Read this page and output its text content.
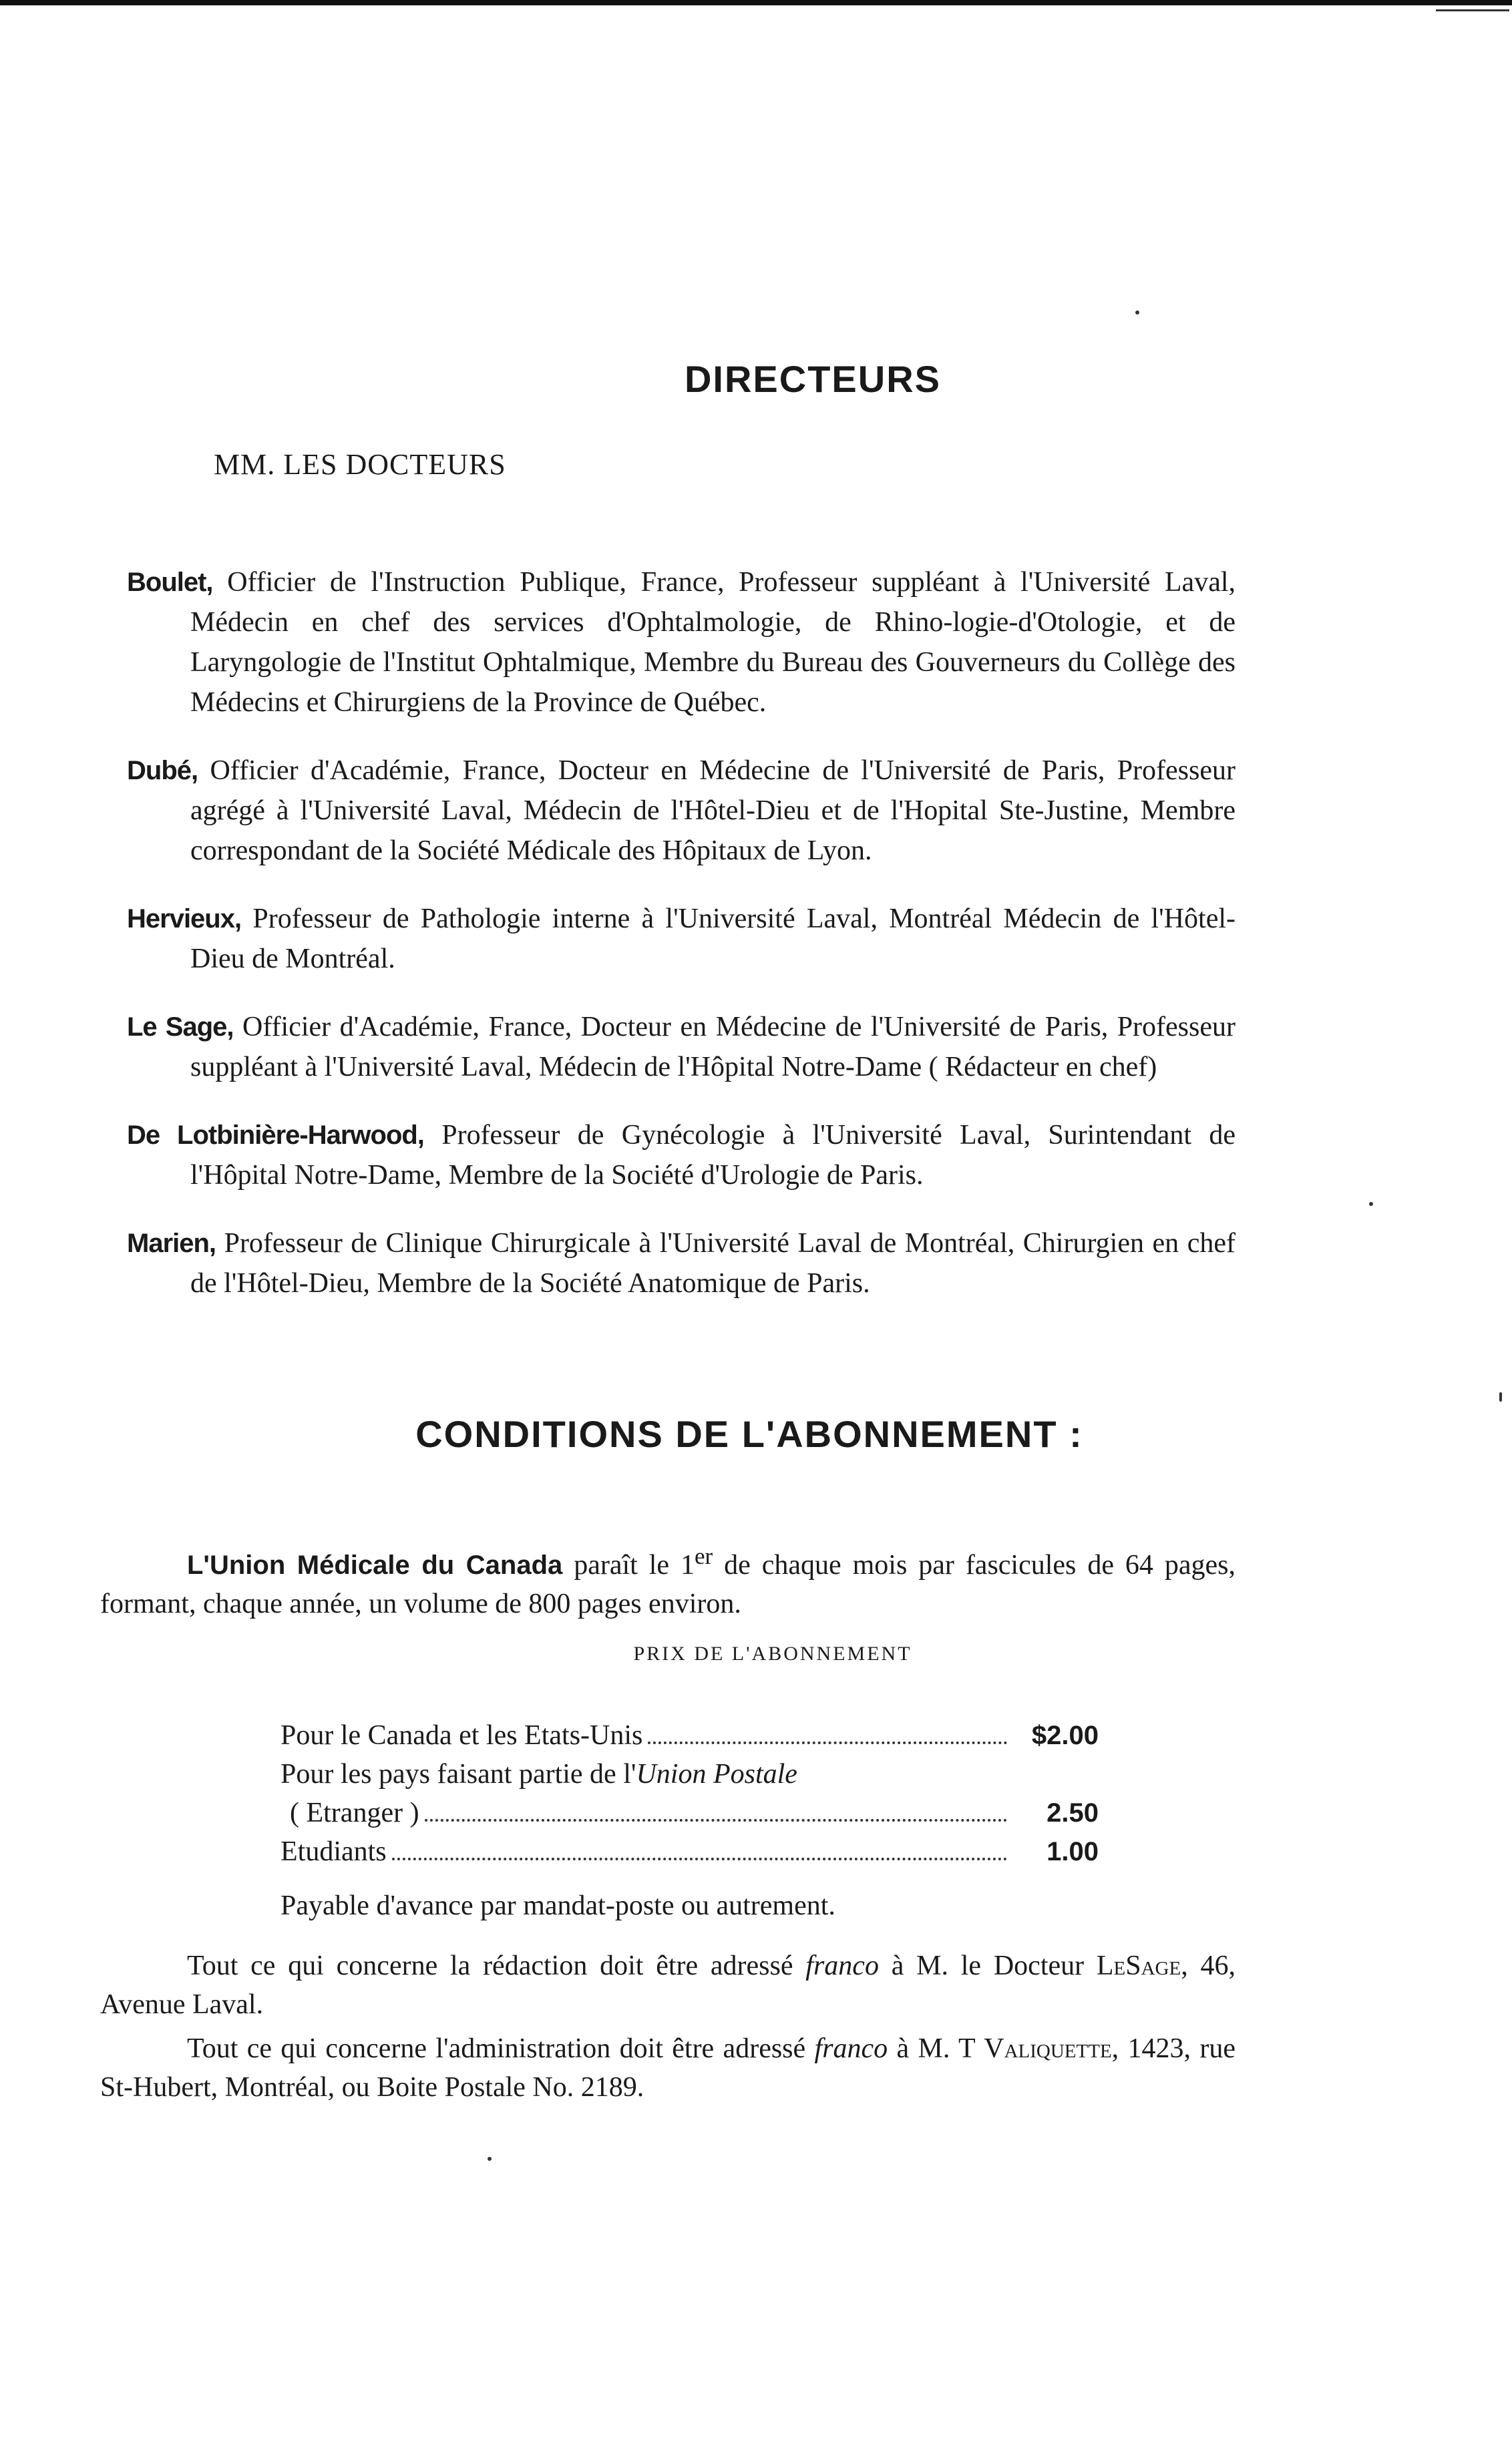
DIRECTEURS
MM. LES DOCTEURS

Boulet, Officier de l'Instruction Publique, France, Professeur suppléant à l'Université Laval, Médecin en chef des services d'Ophtalmologie, de Rhino-logie-d'Otologie, et de Laryngologie de l'Institut Ophtalmique, Membre du Bureau des Gouverneurs du Collège des Médecins et Chirurgiens de la Province de Québec.

Dubé, Officier d'Académie, France, Docteur en Médecine de l'Université de Paris, Professeur agrégé à l'Université Laval, Médecin de l'Hôtel-Dieu et de l'Hopital Ste-Justine, Membre correspondant de la Société Médicale des Hôpitaux de Lyon.

Hervieux, Professeur de Pathologie interne à l'Université Laval, Montréal Médecin de l'Hôtel-Dieu de Montréal.

Le Sage, Officier d'Académie, France, Docteur en Médecine de l'Université de Paris, Professeur suppléant à l'Université Laval, Médecin de l'Hôpital Notre-Dame ( Rédacteur en chef)

De Lotbinière-Harwood, Professeur de Gynécologie à l'Université Laval, Surintendant de l'Hôpital Notre-Dame, Membre de la Société d'Urologie de Paris.

Marien, Professeur de Clinique Chirurgicale à l'Université Laval de Montréal, Chirurgien en chef de l'Hôtel-Dieu, Membre de la Société Anatomique de Paris.

CONDITIONS DE L'ABONNEMENT :

L'Union Médicale du Canada paraît le 1er de chaque mois par fascicules de 64 pages, formant, chaque année, un volume de 800 pages environ.

PRIX DE L'ABONNEMENT
Pour le Canada et les Etats-Unis	$2.00
Pour les pays faisant partie de l'Union Postale
( Etranger )	2.50
Etudiants	1.00
Payable d'avance par mandat-poste ou autrement.
Tout ce qui concerne la rédaction doit être adressé franco à M. le Docteur LeSage, 46, Avenue Laval.
Tout ce qui concerne l'administration doit être adressé franco à M. T Valiquette, 1423, rue St-Hubert, Montréal, ou Boite Postale No. 2189.
